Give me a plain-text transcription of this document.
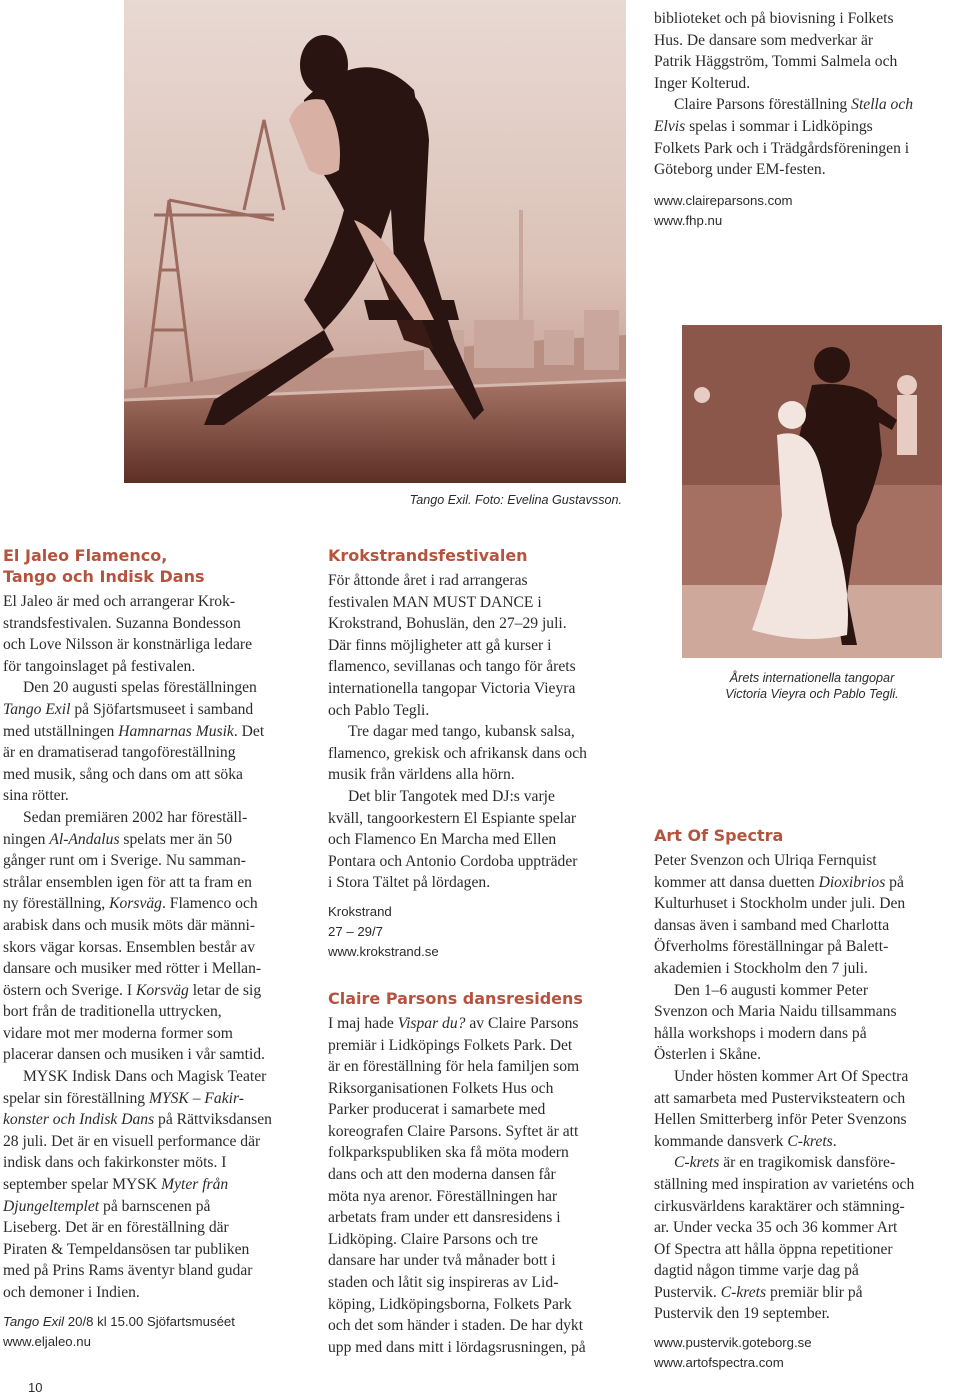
biblioteket och på biovisning i Folkets

Hus. De dansare som medverkar är

Patrik Häggström, Tommi Salmela och

Inger Kolterud.

Claire Parsons föreställning Stella och

Elvis spelas i sommar i Lidköpings

Folkets Park och i Trädgårdsföreningen i

Göteborg under EM-festen.

www.claireparsons.com

www.fhp.nu

Tango Exil. Foto: Evelina Gustavsson.
Årets internationella tangopar
Victoria Vieyra och Pablo Tegli.
El Jaleo Flamenco,
Tango och Indisk Dans

El Jaleo är med och arrangerar Krok-

strandsfestivalen. Suzanna Bondesson

och Love Nilsson är konstnärliga ledare

för tangoinslaget på festivalen.

Den 20 augusti spelas föreställningen

Tango Exil på Sjöfartsmuseet i samband

med utställningen Hamnarnas Musik. Det

är en dramatiserad tangoföreställning

med musik, sång och dans om att söka

sina rötter.

Sedan premiären 2002 har föreställ-

ningen Al-Andalus spelats mer än 50

gånger runt om i Sverige. Nu samman-

strålar ensemblen igen för att ta fram en

ny föreställning, Korsväg. Flamenco och

arabisk dans och musik möts där männi-

skors vägar korsas. Ensemblen består av

dansare och musiker med rötter i Mellan-

östern och Sverige. I Korsväg letar de sig

bort från de traditionella uttrycken,

vidare mot mer moderna former som

placerar dansen och musiken i vår samtid.

MYSK Indisk Dans och Magisk Teater

spelar sin föreställning MYSK – Fakir-

konster och Indisk Dans på Rättviksdansen

28 juli. Det är en visuell performance där

indisk dans och fakirkonster möts. I

september spelar MYSK Myter från

Djungeltemplet på barnscenen på

Liseberg. Det är en föreställning där

Piraten & Tempeldansösen tar publiken

med på Prins Rams äventyr bland gudar

och demoner i Indien.

Tango Exil 20/8 kl 15.00 Sjöfartsmuséet

www.eljaleo.nu

Krokstrandsfestivalen

För åttonde året i rad arrangeras

festivalen MAN MUST DANCE i

Krokstrand, Bohuslän, den 27–29 juli.

Där finns möjligheter att gå kurser i

flamenco, sevillanas och tango för årets

internationella tangopar Victoria Vieyra

och Pablo Tegli.

Tre dagar med tango, kubansk salsa,

flamenco, grekisk och afrikansk dans och

musik från världens alla hörn.

Det blir Tangotek med DJ:s varje

kväll, tangoorkestern El Espiante spelar

och Flamenco En Marcha med Ellen

Pontara och Antonio Cordoba uppträder

i Stora Tältet på lördagen.

Krokstrand

27 – 29/7

www.krokstrand.se

Claire Parsons dansresidens

I maj hade Vispar du? av Claire Parsons

premiär i Lidköpings Folkets Park. Det

är en föreställning för hela familjen som

Riksorganisationen Folkets Hus och

Parker producerat i samarbete med

koreografen Claire Parsons. Syftet är att

folkparkspubliken ska få möta modern

dans och att den moderna dansen får

möta nya arenor. Föreställningen har

arbetats fram under ett dansresidens i

Lidköping. Claire Parsons och tre

dansare har under två månader bott i

staden och låtit sig inspireras av Lid-

köping, Lidköpingsborna, Folkets Park

och det som händer i staden. De har dykt

upp med dans mitt i lördagsrusningen, på

Art Of Spectra

Peter Svenzon och Ulriqa Fernquist

kommer att dansa duetten Dioxibrios på

Kulturhuset i Stockholm under juli. Den

dansas även i samband med Charlotta

Öfverholms föreställningar på Balett-

akademien i Stockholm den 7 juli.

Den 1–6 augusti kommer Peter

Svenzon och Maria Naidu tillsammans

hålla workshops i modern dans på

Österlen i Skåne.

Under hösten kommer Art Of Spectra

att samarbeta med Pusterviksteatern och

Hellen Smitterberg inför Peter Svenzons

kommande dansverk C-krets.

C-krets är en tragikomisk dansföre-

ställning med inspiration av varieténs och

cirkusvärldens karaktärer och stämning-

ar. Under vecka 35 och 36 kommer Art

Of Spectra att hålla öppna repetitioner

dagtid någon timme varje dag på

Pustervik. C-krets premiär blir på

Pustervik den 19 september.

www.pustervik.goteborg.se

www.artofspectra.com

10
